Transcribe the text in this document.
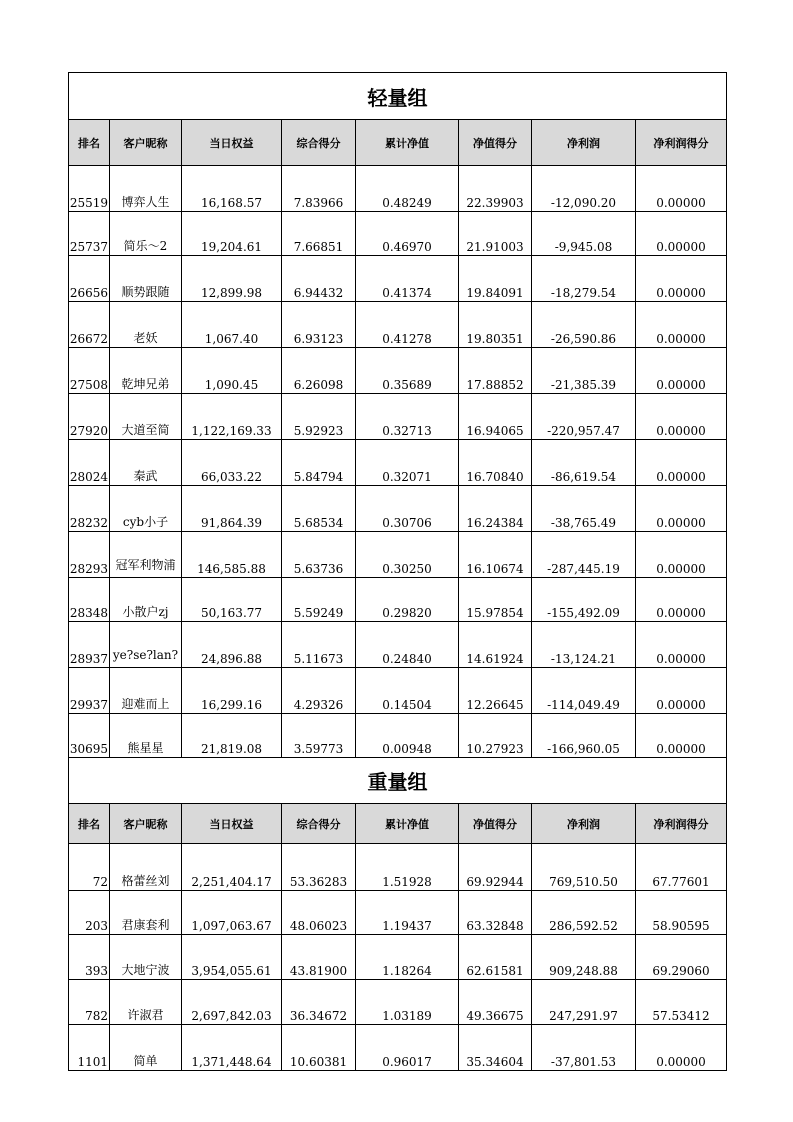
轻量组							
排名	客户昵称	当日权益	综合得分	累计净值	净值得分	净利润	净利润得分
25519	博弈人生	16,168.57	7.83966	0.48249	22.39903	-12,090.20	0.00000
25737	简乐～2	19,204.61	7.66851	0.46970	21.91003	-9,945.08	0.00000
26656	顺势跟随	12,899.98	6.94432	0.41374	19.84091	-18,279.54	0.00000
26672	老妖	1,067.40	6.93123	0.41278	19.80351	-26,590.86	0.00000
27508	乾坤兄弟	1,090.45	6.26098	0.35689	17.88852	-21,385.39	0.00000
27920	大道至简	1,122,169.33	5.92923	0.32713	16.94065	-220,957.47	0.00000
28024	秦武	66,033.22	5.84794	0.32071	16.70840	-86,619.54	0.00000
28232	cyb小子	91,864.39	5.68534	0.30706	16.24384	-38,765.49	0.00000
28293	冠军利物浦	146,585.88	5.63736	0.30250	16.10674	-287,445.19	0.00000
28348	小散户zj	50,163.77	5.59249	0.29820	15.97854	-155,492.09	0.00000
28937	ye?se?lan?	24,896.88	5.11673	0.24840	14.61924	-13,124.21	0.00000
29937	迎难而上	16,299.16	4.29326	0.14504	12.26645	-114,049.49	0.00000
30695	熊星星	21,819.08	3.59773	0.00948	10.27923	-166,960.05	0.00000
重量组							
排名	客户昵称	当日权益	综合得分	累计净值	净值得分	净利润	净利润得分
72	格蕾丝刘	2,251,404.17	53.36283	1.51928	69.92944	769,510.50	67.77601
203	君康套利	1,097,063.67	48.06023	1.19437	63.32848	286,592.52	58.90595
393	大地宁波	3,954,055.61	43.81900	1.18264	62.61581	909,248.88	69.29060
782	许淑君	2,697,842.03	36.34672	1.03189	49.36675	247,291.97	57.53412
1101	简单	1,371,448.64	10.60381	0.96017	35.34604	-37,801.53	0.00000
